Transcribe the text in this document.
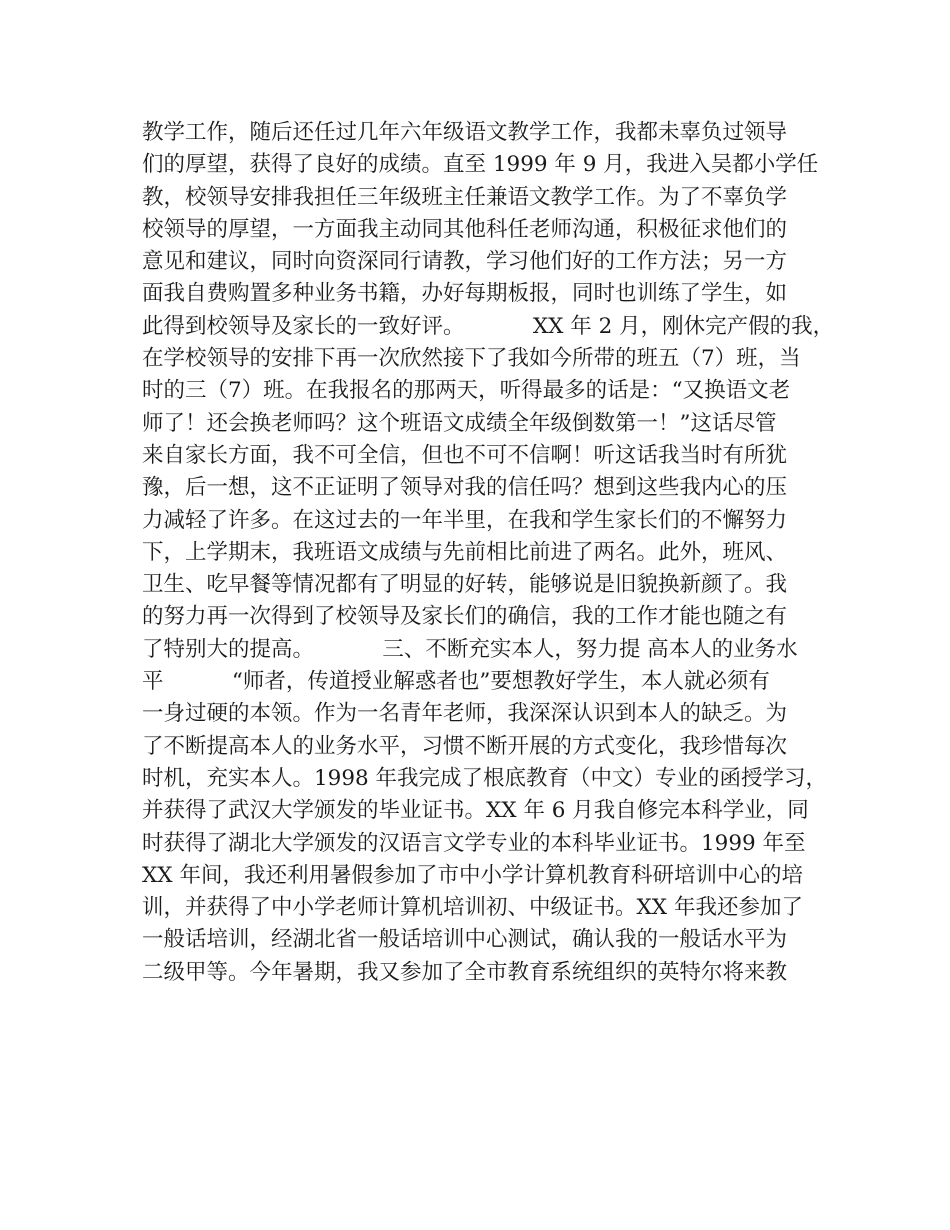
教学工作，随后还任过几年六年级语文教学工作，我都未辜负过领导
们的厚望，获得了良好的成绩。直至 1999 年 9 月，我进入吴都小学任
教，校领导安排我担任三年级班主任兼语文教学工作。为了不辜负学
校领导的厚望，一方面我主动同其他科任老师沟通，积极征求他们的
意见和建议，同时向资深同行请教，学习他们好的工作方法；另一方
面我自费购置多种业务书籍，办好每期板报，同时也训练了学生，如
此得到校领导及家长的一致好评。          XX 年 2 月，刚休完产假的我，
在学校领导的安排下再一次欣然接下了我如今所带的班五（7）班，当
时的三（7）班。在我报名的那两天，听得最多的话是：“又换语文老
师了！还会换老师吗？这个班语文成绩全年级倒数第一！”这话尽管
来自家长方面，我不可全信，但也不可不信啊！听这话我当时有所犹
豫，后一想，这不正证明了领导对我的信任吗？想到这些我内心的压
力减轻了许多。在这过去的一年半里，在我和学生家长们的不懈努力
下，上学期末，我班语文成绩与先前相比前进了两名。此外，班风、
卫生、吃早餐等情况都有了明显的好转，能够说是旧貌换新颜了。我
的努力再一次得到了校领导及家长们的确信，我的工作才能也随之有
了特别大的提高。          三、不断充实本人，努力提 高本人的业务水
平          “师者，传道授业解惑者也”要想教好学生，本人就必须有
一身过硬的本领。作为一名青年老师，我深深认识到本人的缺乏。为
了不断提高本人的业务水平，习惯不断开展的方式变化，我珍惜每次
时机，充实本人。1998 年我完成了根底教育（中文）专业的函授学习，
并获得了武汉大学颁发的毕业证书。XX 年 6 月我自修完本科学业，同
时获得了湖北大学颁发的汉语言文学专业的本科毕业证书。1999 年至
XX 年间，我还利用暑假参加了市中小学计算机教育科研培训中心的培
训，并获得了中小学老师计算机培训初、中级证书。XX 年我还参加了
一般话培训，经湖北省一般话培训中心测试，确认我的一般话水平为
二级甲等。今年暑期，我又参加了全市教育系统组织的英特尔将来教
